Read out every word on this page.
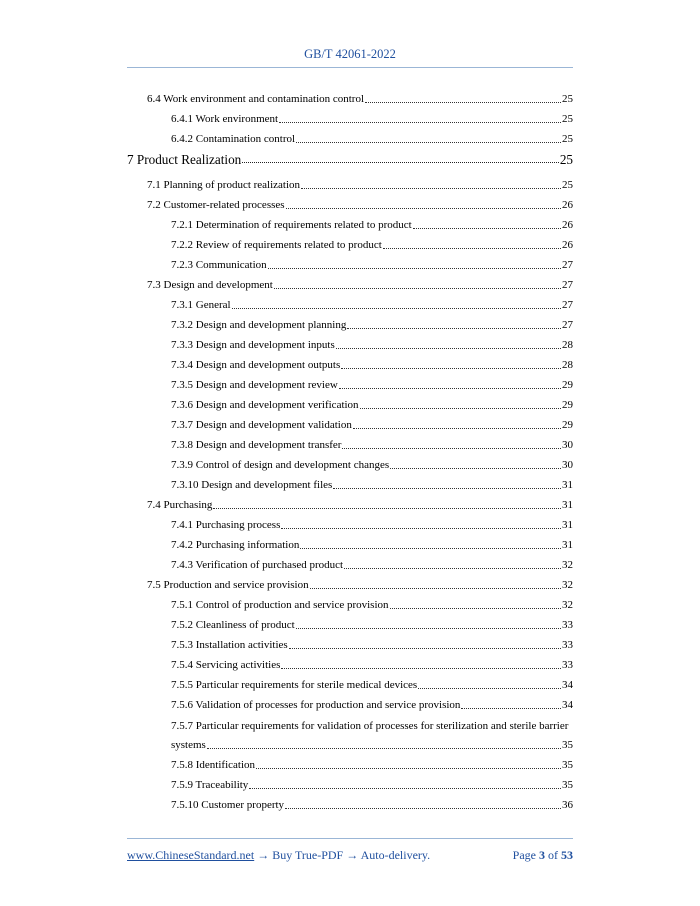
GB/T 42061-2022
6.4 Work environment and contamination control	25
6.4.1 Work environment	25
6.4.2 Contamination control	25
7 Product Realization	25
7.1 Planning of product realization	25
7.2 Customer-related processes	26
7.2.1 Determination of requirements related to product	26
7.2.2 Review of requirements related to product	26
7.2.3 Communication	27
7.3 Design and development	27
7.3.1 General	27
7.3.2 Design and development planning	27
7.3.3 Design and development inputs	28
7.3.4 Design and development outputs	28
7.3.5 Design and development review	29
7.3.6 Design and development verification	29
7.3.7 Design and development validation	29
7.3.8 Design and development transfer	30
7.3.9 Control of design and development changes	30
7.3.10 Design and development files	31
7.4 Purchasing	31
7.4.1 Purchasing process	31
7.4.2 Purchasing information	31
7.4.3 Verification of purchased product	32
7.5 Production and service provision	32
7.5.1 Control of production and service provision	32
7.5.2 Cleanliness of product	33
7.5.3 Installation activities	33
7.5.4 Servicing activities	33
7.5.5 Particular requirements for sterile medical devices	34
7.5.6 Validation of processes for production and service provision	34
7.5.7 Particular requirements for validation of processes for sterilization and sterile barrier
systems	35
7.5.8 Identification	35
7.5.9 Traceability	35
7.5.10 Customer property	36
www.ChineseStandard.net → Buy True-PDF → Auto-delivery.	Page 3 of 53
